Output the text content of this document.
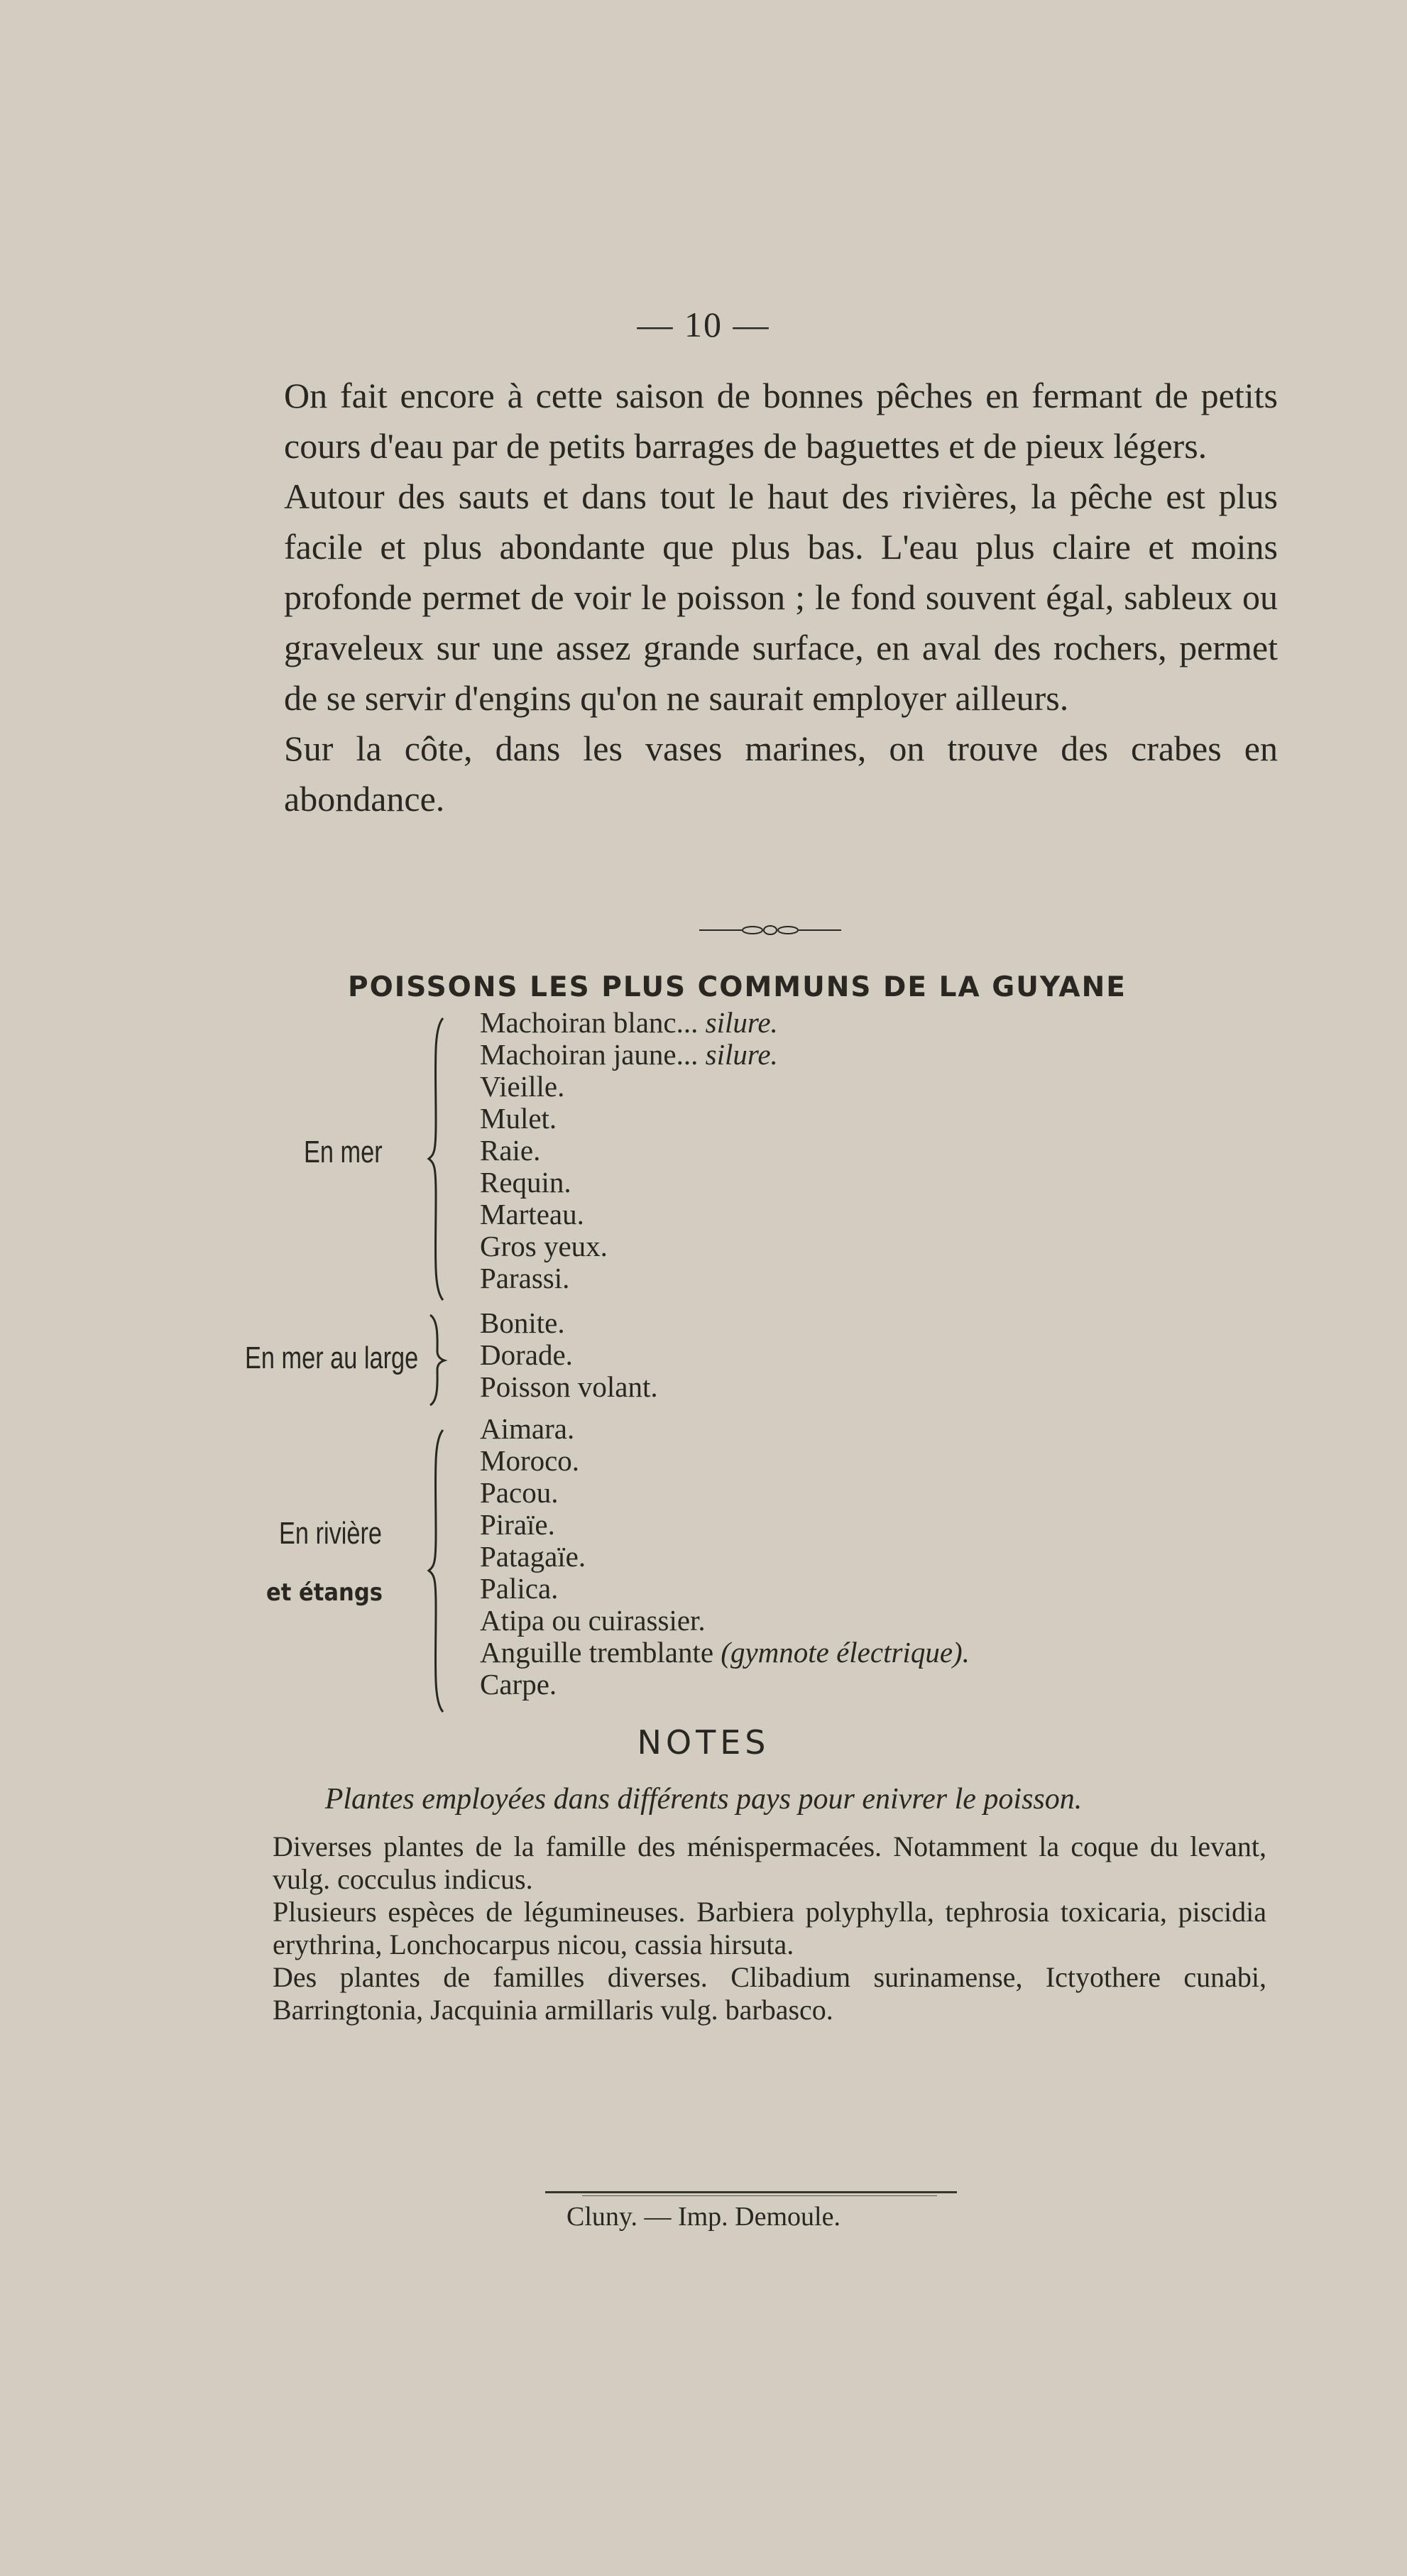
— 10 —

On fait encore à cette saison de bonnes pêches en fermant de petits cours d'eau par de petits barrages de baguettes et de pieux légers.

Autour des sauts et dans tout le haut des rivières, la pêche est plus facile et plus abondante que plus bas. L'eau plus claire et moins profonde permet de voir le poisson ; le fond souvent égal, sableux ou graveleux sur une assez grande surface, en aval des rochers, permet de se servir d'engins qu'on ne saurait employer ailleurs.

Sur la côte, dans les vases marines, on trouve des crabes en abondance.

POISSONS LES PLUS COMMUNS DE LA GUYANE
En mer
En mer au large
En rivière
et étangs
Machoiran blanc... silure.
Machoiran jaune... silure.
Vieille.
Mulet.
Raie.
Requin.
Marteau.
Gros yeux.
Parassi.
Bonite.
Dorade.
Poisson volant.
Aimara.
Moroco.
Pacou.
Piraïe.
Patagaïe.
Palica.
Atipa ou cuirassier.
Anguille tremblante (gymnote électrique).
Carpe.
NOTES
Plantes employées dans différents pays pour enivrer le poisson.

Diverses plantes de la famille des ménispermacées. Notamment la coque du levant, vulg. cocculus indicus.

Plusieurs espèces de légumineuses. Barbiera polyphylla, tephrosia toxicaria, piscidia erythrina, Lonchocarpus nicou, cassia hirsuta.

Des plantes de familles diverses. Clibadium surinamense, Ictyothere cunabi, Barringtonia, Jacquinia armillaris vulg. barbasco.

Cluny. — Imp. Demoule.
